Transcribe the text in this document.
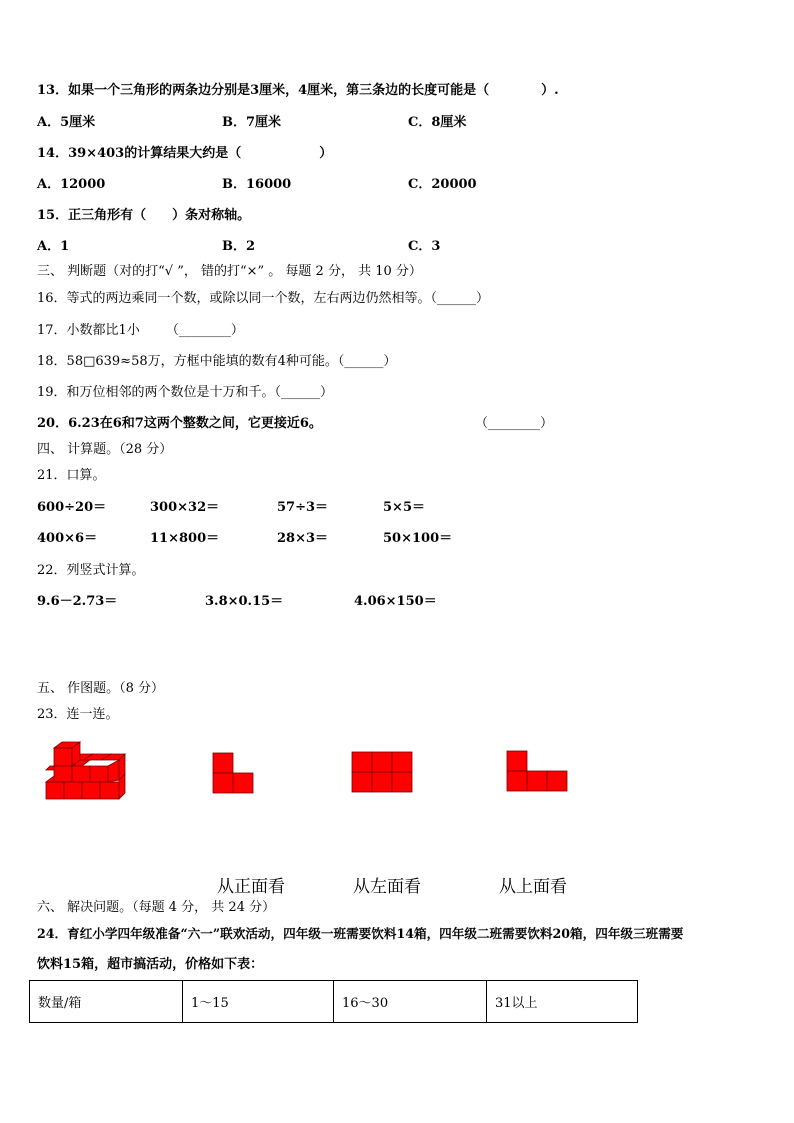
13．如果一个三角形的两条边分别是3厘米，4厘米，第三条边的长度可能是（　　　　）.
A．5厘米	B．7厘米	C．8厘米
14．39×403的计算结果大约是（　　　　　　）
A．12000	B．16000	C．20000
15．正三角形有（　　）条对称轴。
A．1	B．2	C．3
三、 判断题（对的打“√ ”， 错的打“×” 。 每题 2 分， 共 10 分）
16．等式的两边乘同一个数，或除以同一个数，左右两边仍然相等。（______）
17．小数都比1小 （________）
18．58□639≈58万，方框中能填的数有4种可能。（______）
19．和万位相邻的两个数位是十万和千。（______）
20．6.23在6和7这两个整数之间，它更接近6。	（________）
四、 计算题。（28 分）
21．口算。
600÷20＝	300×32＝	57÷3＝	5×5＝
400×6＝	11×800＝	28×3＝	50×100＝
22．列竖式计算。
9.6－2.73＝	3.8×0.15＝	4.06×150＝
五、 作图题。（8 分）
23．连一连。
从正面看	从左面看	从上面看
六、 解决问题。（每题 4 分， 共 24 分）
24．育红小学四年级准备“六一”联欢活动，四年级一班需要饮料14箱，四年级二班需要饮料20箱，四年级三班需要
饮料15箱，超市搞活动，价格如下表：
数量/箱	1～15	16～30	31以上
